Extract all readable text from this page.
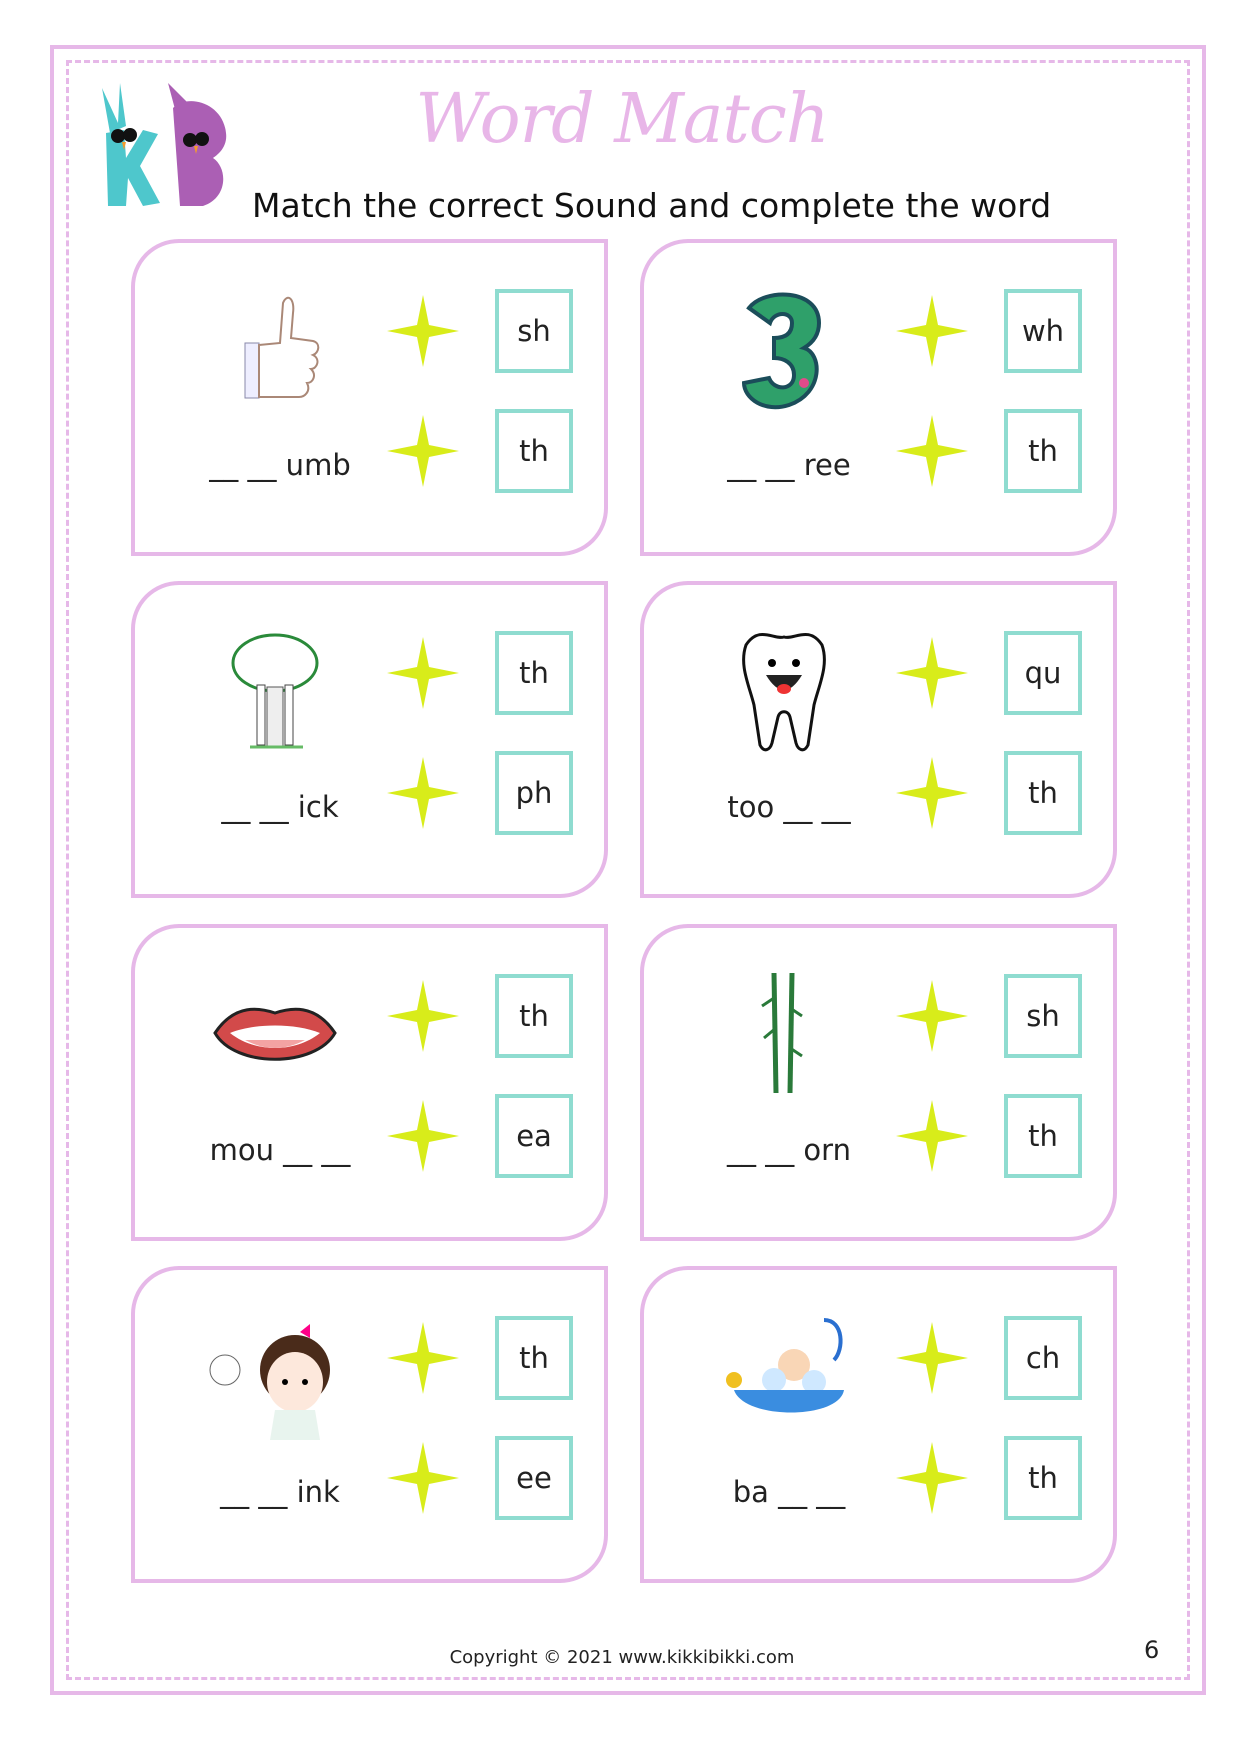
Word Match
Match the correct Sound and complete the word
__ __ umb
sh
th	__ __ ree
wh
th
__ __ ick
th
ph	too __ __
qu
th
mou __ __
th
ea	__ __ orn
sh
th
__ __ ink
th
ee	ba __ __
ch
th
Copyright © 2021 www.kikkibikki.com	6
